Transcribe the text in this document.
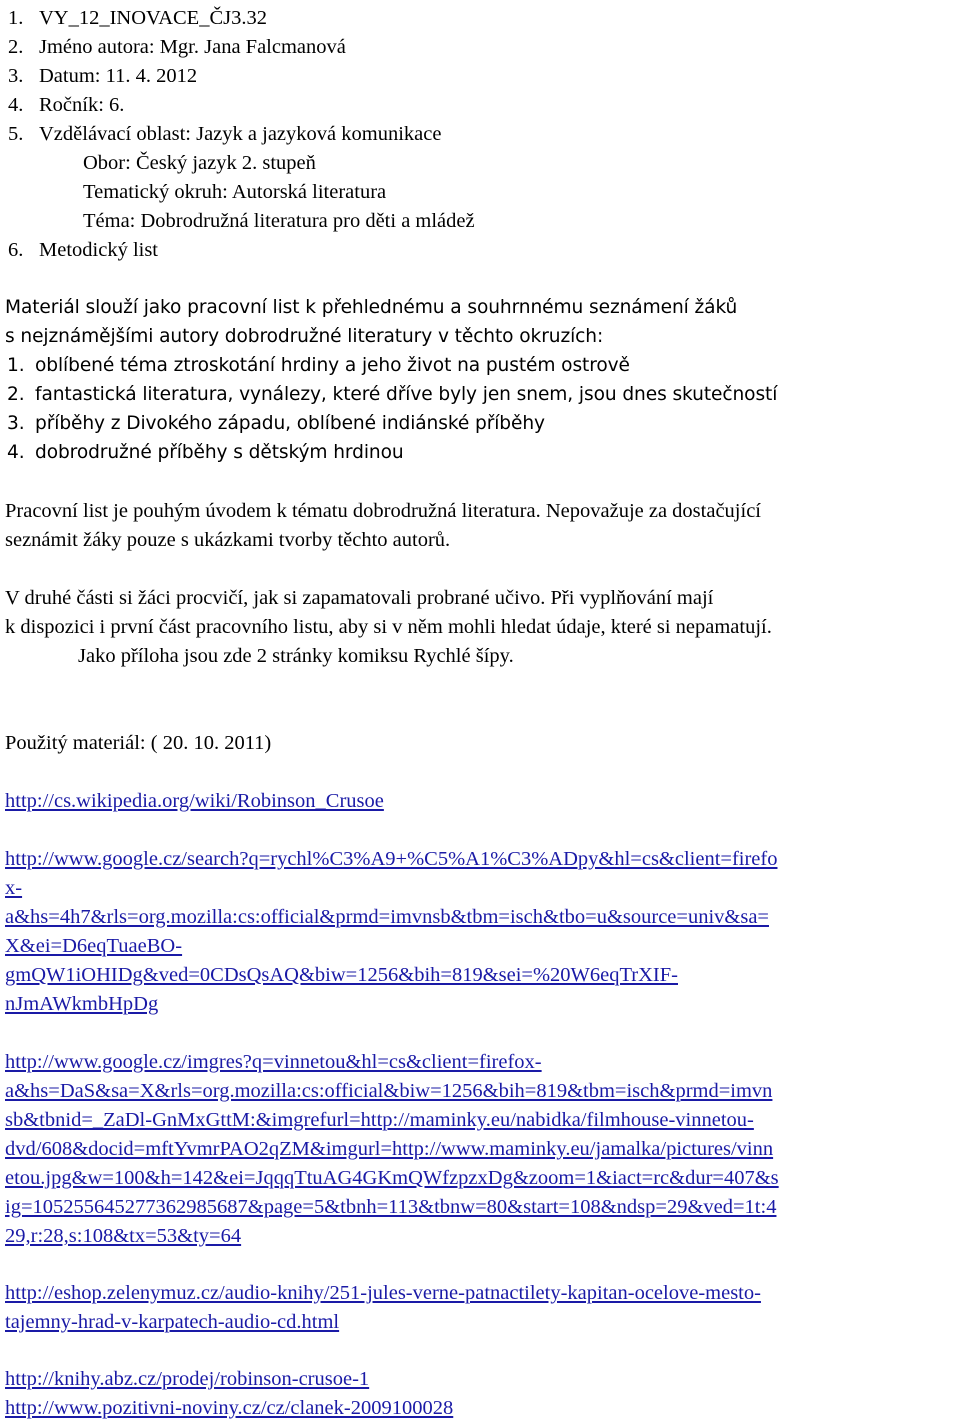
1. VY_12_INOVACE_ČJ3.32
2. Jméno autora: Mgr. Jana Falcmanová
3. Datum: 11. 4. 2012
4. Ročník: 6.
5. Vzdělávací oblast: Jazyk a jazyková komunikace
Obor: Český jazyk 2. stupeň
Tematický okruh: Autorská literatura
Téma: Dobrodružná literatura pro děti a mládež
6. Metodický list
Materiál slouží jako pracovní list k přehlednému a souhrnnému seznámení žáků
s nejznámějšími autory dobrodružné literatury v těchto okruzích:
1. oblíbené téma ztroskotání hrdiny a jeho život na pustém ostrově
2. fantastická literatura, vynálezy, které dříve byly jen snem, jsou dnes skutečností
3. příběhy z Divokého západu, oblíbené indiánské příběhy
4. dobrodružné příběhy s dětským hrdinou
Pracovní list je pouhým úvodem k tématu dobrodružná literatura. Nepovažuje za dostačující
seznámit žáky pouze s ukázkami tvorby těchto autorů.
V druhé části si žáci procvičí, jak si zapamatovali probrané učivo. Při vyplňování mají
k dispozici i první část pracovního listu, aby si v něm mohli hledat údaje, které si nepamatují.
Jako příloha jsou zde 2 stránky komiksu Rychlé šípy.
Použitý materiál: ( 20. 10. 2011)
http://cs.wikipedia.org/wiki/Robinson_Crusoe
http://www.google.cz/search?q=rychl%C3%A9+%C5%A1%C3%ADpy&hl=cs&client=firefo
x-
a&hs=4h7&rls=org.mozilla:cs:official&prmd=imvnsb&tbm=isch&tbo=u&source=univ&sa=
X&ei=D6eqTuaeBO-
gmQW1iOHIDg&ved=0CDsQsAQ&biw=1256&bih=819&sei=%20W6eqTrXIF-
nJmAWkmbHpDg
http://www.google.cz/imgres?q=vinnetou&hl=cs&client=firefox-
a&hs=DaS&sa=X&rls=org.mozilla:cs:official&biw=1256&bih=819&tbm=isch&prmd=imvn
sb&tbnid=_ZaDl-GnMxGttM:&imgrefurl=http://maminky.eu/nabidka/filmhouse-vinnetou-
dvd/608&docid=mftYvmrPAO2qZM&imgurl=http://www.maminky.eu/jamalka/pictures/vinn
etou.jpg&w=100&h=142&ei=JqqqTtuAG4GKmQWfzpzxDg&zoom=1&iact=rc&dur=407&s
ig=105255645277362985687&page=5&tbnh=113&tbnw=80&start=108&ndsp=29&ved=1t:4
29,r:28,s:108&tx=53&ty=64
http://eshop.zelenymuz.cz/audio-knihy/251-jules-verne-patnactilety-kapitan-ocelove-mesto-
tajemny-hrad-v-karpatech-audio-cd.html
http://knihy.abz.cz/prodej/robinson-crusoe-1
http://www.pozitivni-noviny.cz/cz/clanek-2009100028
